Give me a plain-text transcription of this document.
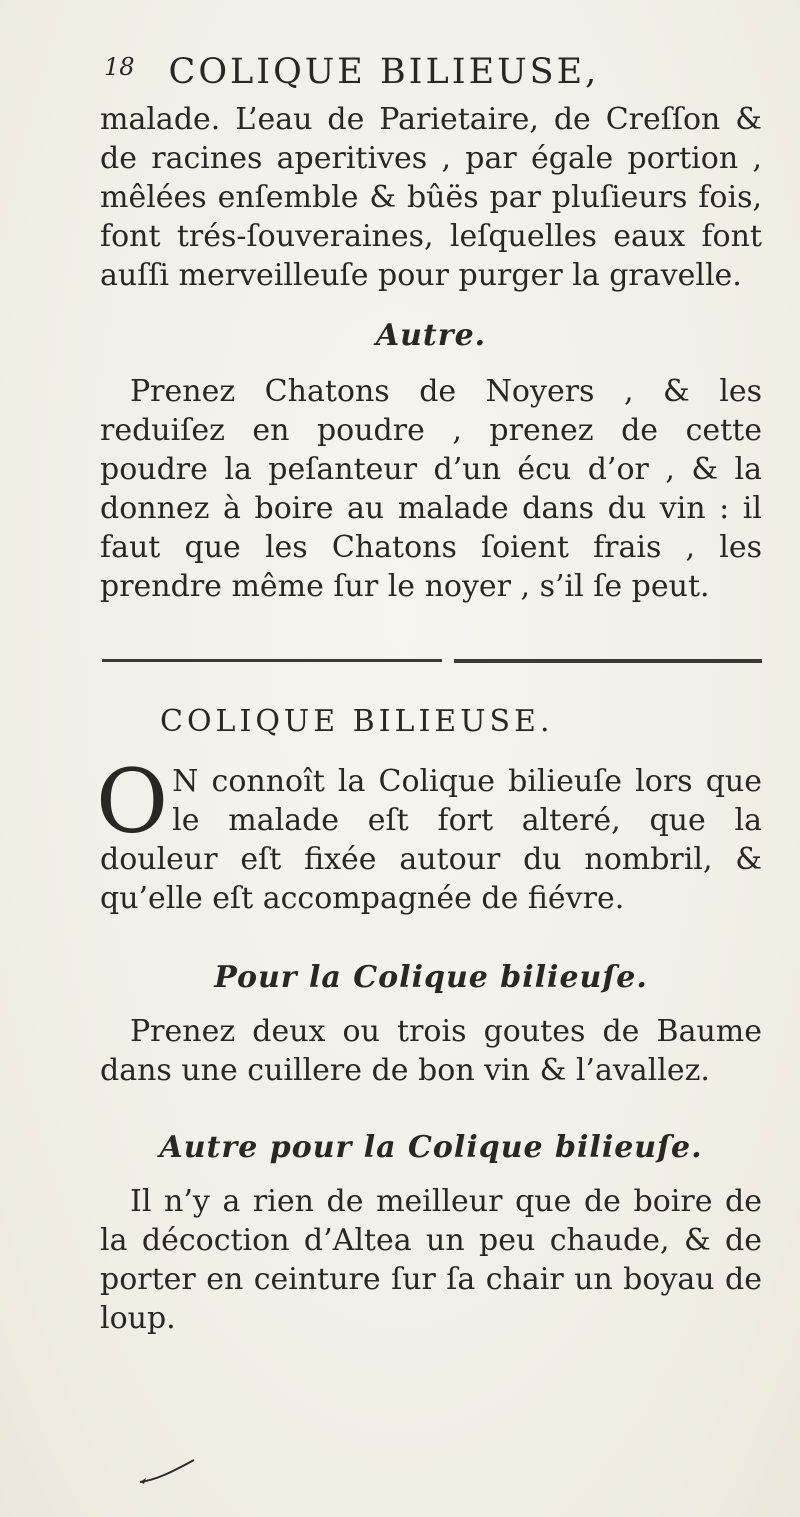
$^{18}$ COLIQUE BILIEUSE,

malade. L’eau de Parietaire, de Creſſon & de racines aperitives , par égale portion , mêlées enſemble & bûës par pluſieurs fois, font trés-ſouveraines, leſquelles eaux font auſſi merveilleuſe pour purger la gravelle.

Autre.

Prenez Chatons de Noyers , & les reduiſez en poudre , prenez de cette poudre la peſanteur d’un écu d’or , & la donnez à boire au malade dans du vin : il faut que les Chatons ſoient frais , les prendre même ſur le noyer , s’il ſe peut.

COLIQUE BILIEUSE.

O N connoît la Colique bilieuſe lors que le malade eſt fort alteré, que la douleur eſt fixée autour du nombril, & qu’elle eſt accompagnée de fiévre.

Pour la Colique bilieuſe.

Prenez deux ou trois goutes de Baume dans une cuillere de bon vin & l’avallez.

Autre pour la Colique bilieuſe.

Il n’y a rien de meilleur que de boire de la décoction d’Altea un peu chaude, & de porter en ceinture ſur ſa chair un boyau de loup.
